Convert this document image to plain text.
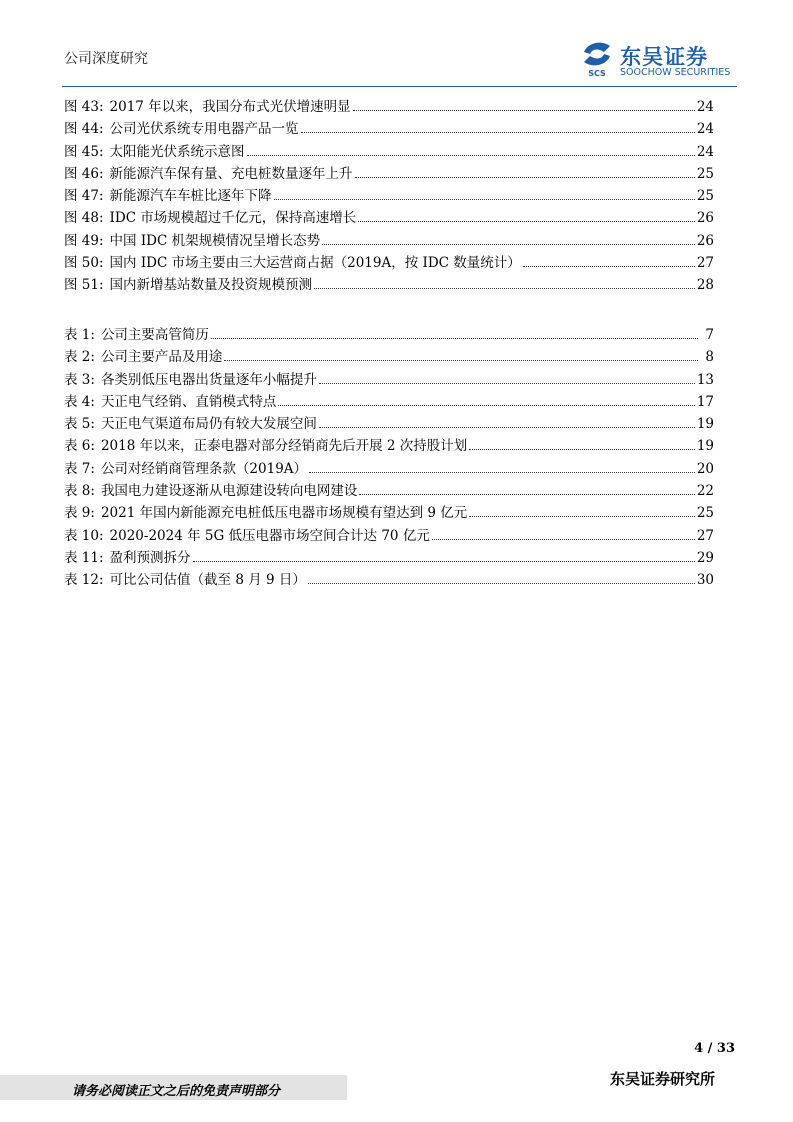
公司深度研究
SCS
东吴证券
SOOCHOW SECURITIES
图 43: 2017 年以来，我国分布式光伏增速明显	24
图 44: 公司光伏系统专用电器产品一览	24
图 45: 太阳能光伏系统示意图	24
图 46: 新能源汽车保有量、充电桩数量逐年上升	25
图 47: 新能源汽车车桩比逐年下降	25
图 48: IDC 市场规模超过千亿元，保持高速增长	26
图 49: 中国 IDC 机架规模情况呈增长态势	26
图 50: 国内 IDC 市场主要由三大运营商占据（2019A，按 IDC 数量统计）	27
图 51: 国内新增基站数量及投资规模预测	28
表 1: 公司主要高管简历	7
表 2: 公司主要产品及用途	8
表 3: 各类别低压电器出货量逐年小幅提升	13
表 4: 天正电气经销、直销模式特点	17
表 5: 天正电气渠道布局仍有较大发展空间	19
表 6: 2018 年以来，正泰电器对部分经销商先后开展 2 次持股计划	19
表 7: 公司对经销商管理条款（2019A）	20
表 8: 我国电力建设逐渐从电源建设转向电网建设	22
表 9: 2021 年国内新能源充电桩低压电器市场规模有望达到 9 亿元	25
表 10: 2020-2024 年 5G 低压电器市场空间合计达 70 亿元	27
表 11: 盈利预测拆分	29
表 12: 可比公司估值（截至 8 月 9 日）	30
4 / 33
请务必阅读正文之后的免责声明部分
东吴证券研究所
